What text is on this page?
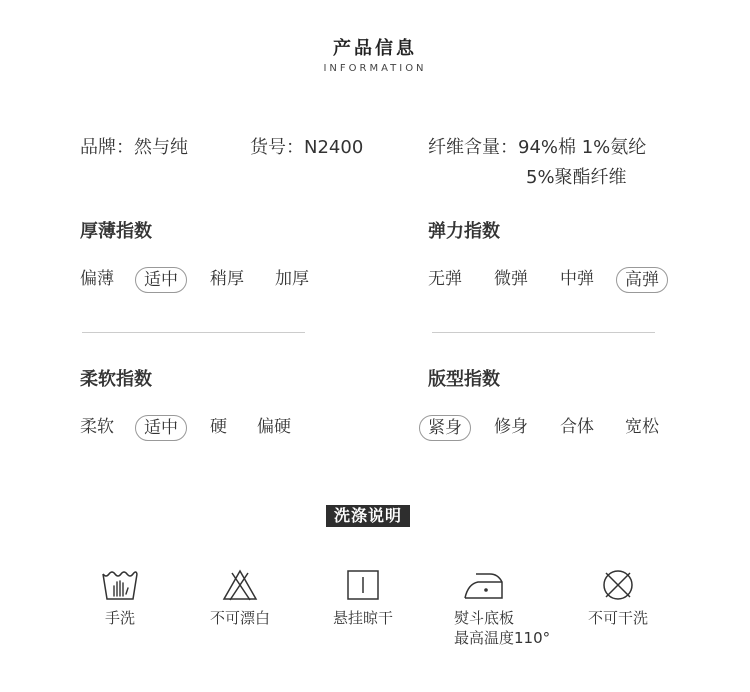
产品信息
INFORMATION
品牌：然与纯	货号：N2400	纤维含量：94%棉 1%氨纶
5%聚酯纤维
厚薄指数
偏薄	适中	稍厚 加厚
弹力指数
无弹 微弹 中弹	高弹
柔软指数
柔软	适中	硬 偏硬
版型指数
紧身	修身 合体 宽松
洗涤说明
手洗	不可漂白	悬挂晾干	熨斗底板
最高温度110°
不可干洗
